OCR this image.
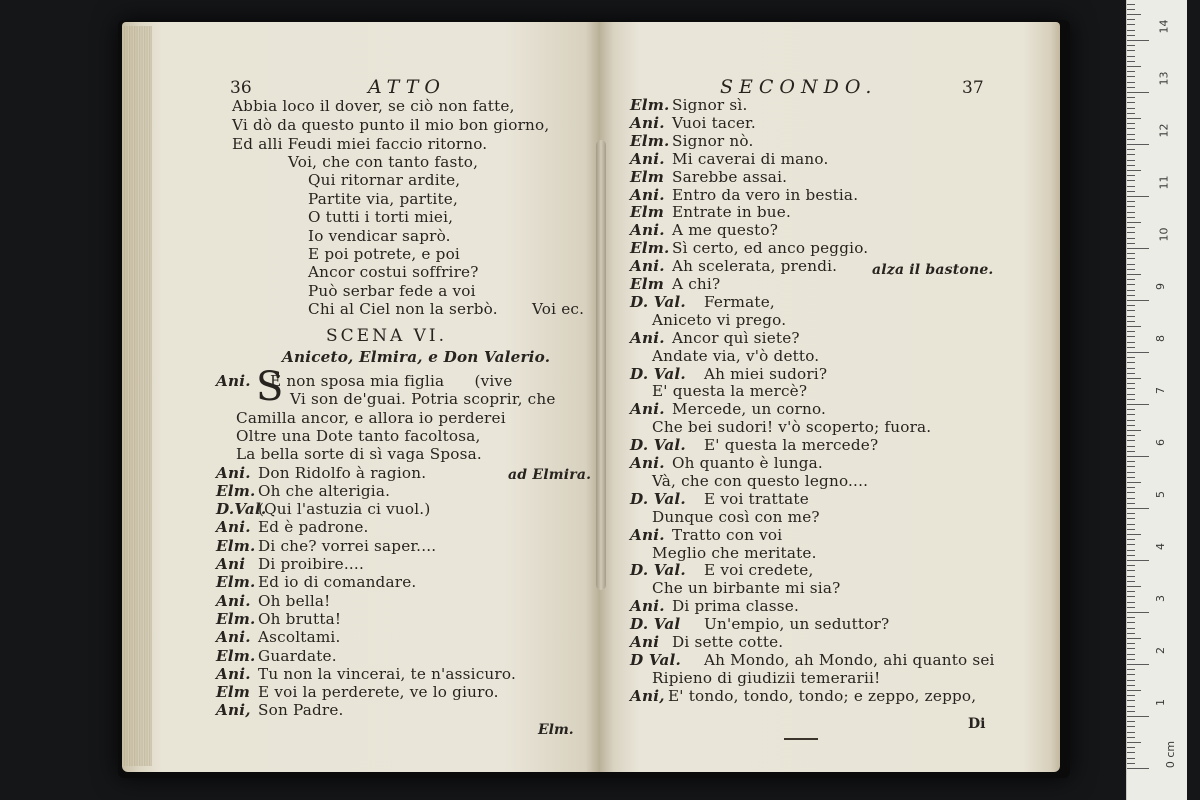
36	ATTO
Abbia loco il dover, se ciò non fatte,
Vi dò da questo punto il mio bon giorno,
Ed alli Feudi miei faccio ritorno.
Voi, che con tanto fasto,
Qui ritornar ardite,
Partite via, partite,
O tutti i torti miei,
Io vendicar saprò.
E poi potrete, e poi
Ancor costui soffrire?
Può serbar fede a voi
Chi al Ciel non la serbò. Voi ec.
SCENA VI.
Aniceto, Elmira, e Don Valerio.
Ani. E non sposa mia figlia      (vive
Vi son de'guai. Potria scoprir, che
Camilla ancor, e allora io perderei
Oltre una Dote tanto facoltosa,
La bella sorte di sì vaga Sposa.
Ani. Don Ridolfo à ragion.
Elm. Oh che alterigia.
D.Val.
(Qui l'astuzia ci vuol.)
Ani. Ed è padrone.
Elm. Di che? vorrei saper....
Ani Di proibire....
Elm. Ed io di comandare.
Ani. Oh bella!
Elm. Oh brutta!
Ani. Ascoltami.
Elm. Guardate.
Ani. Tu non la vincerai, te n'assicuro.
Elm E voi la perderete, ve lo giuro.
Ani, Son Padre.
S
ad Elmira.
Elm.
SECONDO.	37
Elm. Signor sì.
Ani. Vuoi tacer.
Elm. Signor nò.
Ani. Mi caverai di mano.
Elm Sarebbe assai.
Ani. Entro da vero in bestia.
Elm Entrate in bue.
Ani. A me questo?
Elm. Sì certo, ed anco peggio.
Ani. Ah scelerata, prendi.
Elm A chi?
D. Val. Fermate,
Aniceto vi prego.
Ani. Ancor quì siete?
Andate via, v'ò detto.
D. Val. Ah miei sudori?
E' questa la mercè?
Ani. Mercede, un corno.
Che bei sudori! v'ò scoperto; fuora.
D. Val. E' questa la mercede?
Ani. Oh quanto è lunga.
Và, che con questo legno....
D. Val. E voi trattate
Dunque così con me?
Ani. Tratto con voi
Meglio che meritate.
D. Val. E voi credete,
Che un birbante mi sia?
Ani. Di prima classe.
D. Val Un'empio, un seduttor?
Ani Di sette cotte.
D Val. Ah Mondo, ah Mondo, ahi quanto sei
Ripieno di giudizii temerarii!
Ani, E' tondo, tondo, tondo; e zeppo, zeppo,
alza il bastone.
Di
0 cm
1
2
3
4
5
6
7
8
9
10
11
12
13
14
